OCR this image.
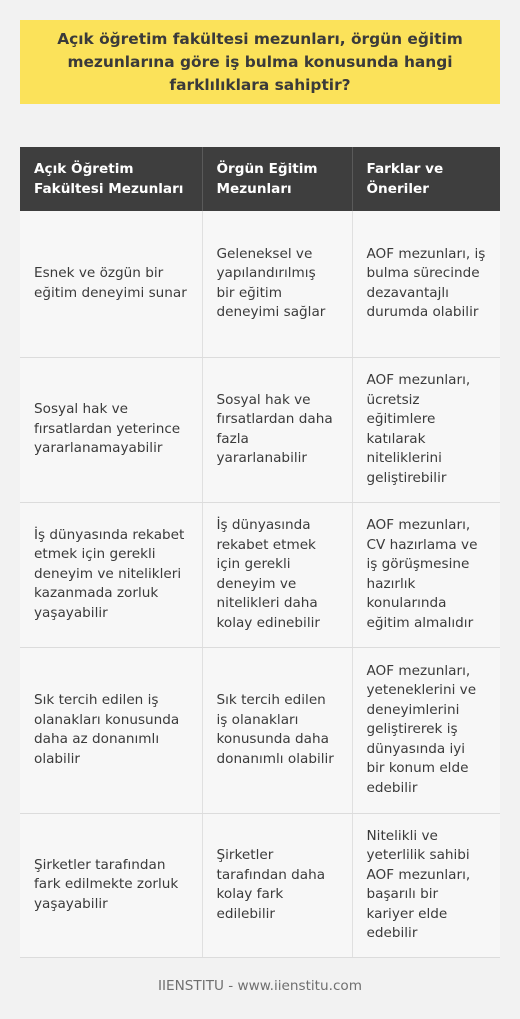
Açık öğretim fakültesi mezunları, örgün eğitim mezunlarına göre iş bulma konusunda hangi farklılıklara sahiptir?
Açık Öğretim Fakültesi Mezunları	Örgün Eğitim Mezunları	Farklar ve Öneriler
Esnek ve özgün bir eğitim deneyimi sunar	Geleneksel ve yapılandırılmış bir eğitim deneyimi sağlar	AOF mezunları, iş bulma sürecinde dezavantajlı durumda olabilir
Sosyal hak ve fırsatlardan yeterince yararlanamayabilir	Sosyal hak ve fırsatlardan daha fazla yararlanabilir	AOF mezunları, ücretsiz eğitimlere katılarak niteliklerini geliştirebilir
İş dünyasında rekabet etmek için gerekli deneyim ve nitelikleri kazanmada zorluk yaşayabilir	İş dünyasında rekabet etmek için gerekli deneyim ve nitelikleri daha kolay edinebilir	AOF mezunları, CV hazırlama ve iş görüşmesine hazırlık konularında eğitim almalıdır
Sık tercih edilen iş olanakları konusunda daha az donanımlı olabilir	Sık tercih edilen iş olanakları konusunda daha donanımlı olabilir	AOF mezunları, yeteneklerini ve deneyimlerini geliştirerek iş dünyasında iyi bir konum elde edebilir
Şirketler tarafından fark edilmekte zorluk yaşayabilir	Şirketler tarafından daha kolay fark edilebilir	Nitelikli ve yeterlilik sahibi AOF mezunları, başarılı bir kariyer elde edebilir
IIENSTITU - www.iienstitu.com
